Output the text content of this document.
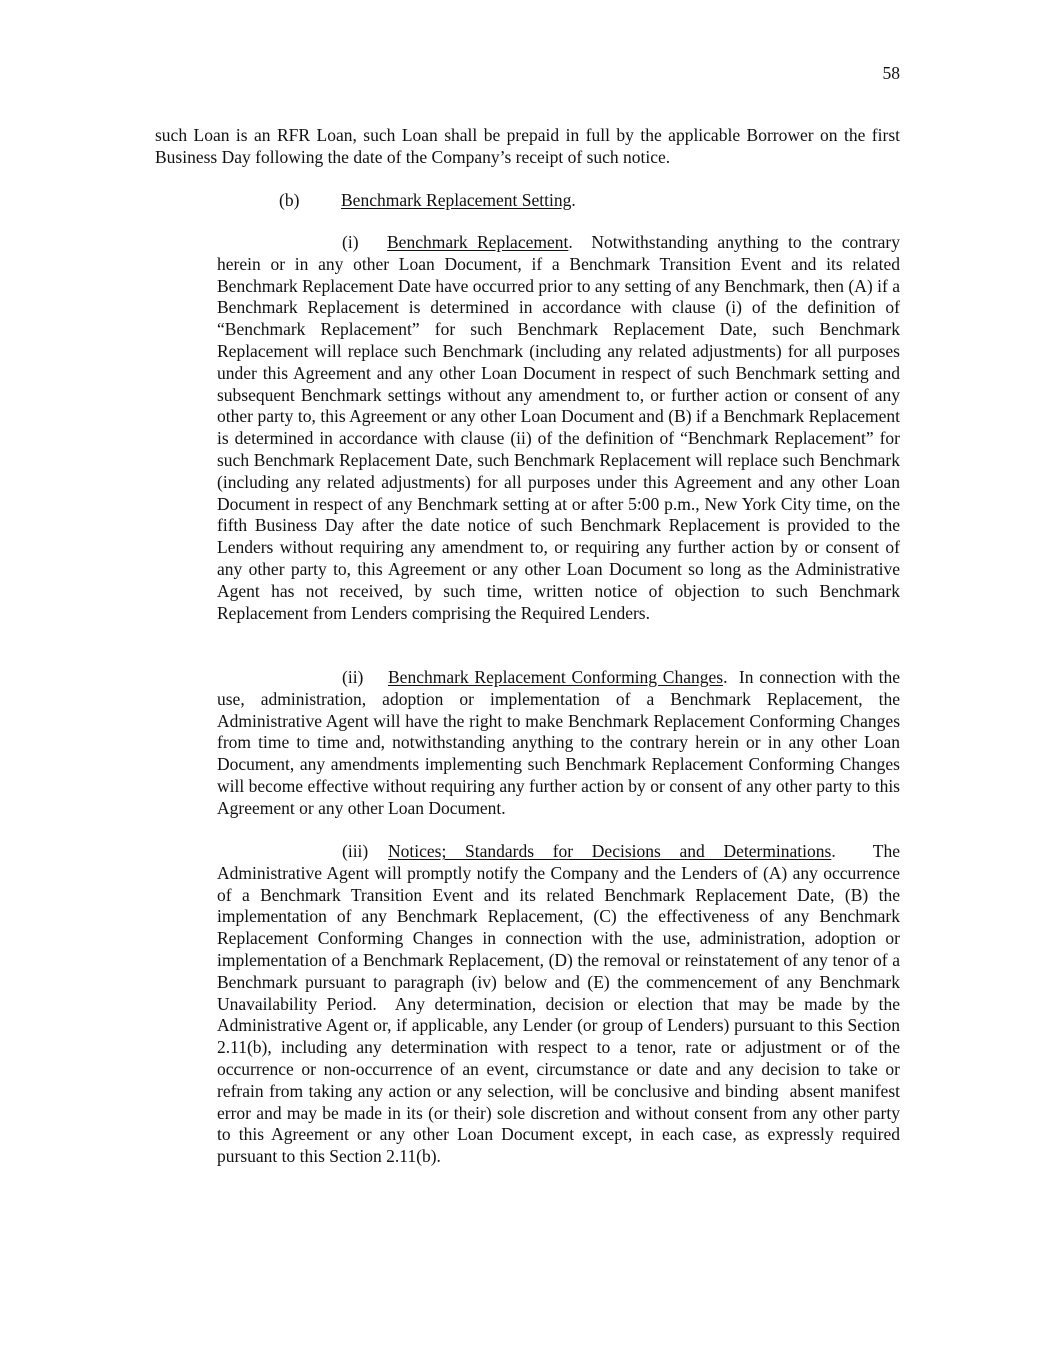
58

such Loan is an RFR Loan, such Loan shall be prepaid in full by the applicable Borrower on the first Business Day following the date of the Company’s receipt of such notice.

(b) Benchmark Replacement Setting.

(i) Benchmark Replacement.  Notwithstanding anything to the contrary herein or in any other Loan Document, if a Benchmark Transition Event and its related Benchmark Replacement Date have occurred prior to any setting of any Benchmark, then (A) if a Benchmark Replacement is determined in accordance with clause (i) of the definition of “Benchmark Replacement” for such Benchmark Replacement Date, such Benchmark Replacement will replace such Benchmark (including any related adjustments) for all purposes under this Agreement and any other Loan Document in respect of such Benchmark setting and subsequent Benchmark settings without any amendment to, or further action or consent of any other party to, this Agreement or any other Loan Document and (B) if a Benchmark Replacement is determined in accordance with clause (ii) of the definition of “Benchmark Replacement” for such Benchmark Replacement Date, such Benchmark Replacement will replace such Benchmark (including any related adjustments) for all purposes under this Agreement and any other Loan Document in respect of any Benchmark setting at or after 5:00 p.m., New York City time, on the fifth Business Day after the date notice of such Benchmark Replacement is provided to the Lenders without requiring any amendment to, or requiring any further action by or consent of any other party to, this Agreement or any other Loan Document so long as the Administrative Agent has not received, by such time, written notice of objection to such Benchmark Replacement from Lenders comprising the Required Lenders.

(ii) Benchmark Replacement Conforming Changes.  In connection with the use, administration, adoption or implementation of a Benchmark Replacement, the Administrative Agent will have the right to make Benchmark Replacement Conforming Changes from time to time and, notwithstanding anything to the contrary herein or in any other Loan Document, any amendments implementing such Benchmark Replacement Conforming Changes will become effective without requiring any further action by or consent of any other party to this Agreement or any other Loan Document.

(iii) Notices; Standards for Decisions and Determinations.  The Administrative Agent will promptly notify the Company and the Lenders of (A) any occurrence of a Benchmark Transition Event and its related Benchmark Replacement Date, (B) the implementation of any Benchmark Replacement, (C) the effectiveness of any Benchmark Replacement Conforming Changes in connection with the use, administration, adoption or implementation of a Benchmark Replacement, (D) the removal or reinstatement of any tenor of a Benchmark pursuant to paragraph (iv) below and (E) the commencement of any Benchmark Unavailability Period.  Any determination, decision or election that may be made by the Administrative Agent or, if applicable, any Lender (or group of Lenders) pursuant to this Section 2.11(b), including any determination with respect to a tenor, rate or adjustment or of the occurrence or non-occurrence of an event, circumstance or date and any decision to take or refrain from taking any action or any selection, will be conclusive and binding  absent manifest error and may be made in its (or their) sole discretion and without consent from any other party to this Agreement or any other Loan Document except, in each case, as expressly required pursuant to this Section 2.11(b).
